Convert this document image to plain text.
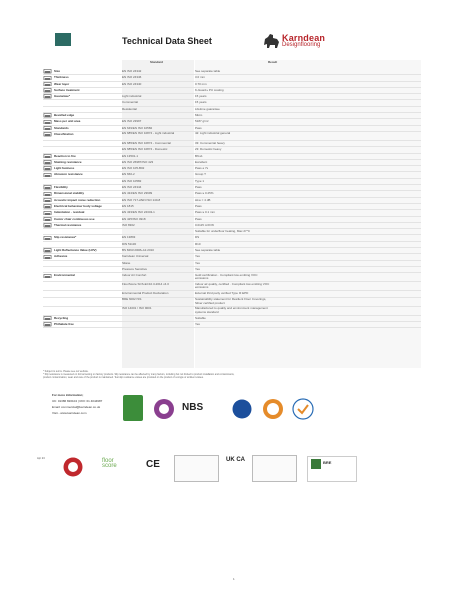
Technical Data Sheet	Karndean
Designflooring
Standard	Result
Size	EN ISO 24342	See separate table
Thickness	EN ISO 24346	3.0 mm
Wear layer	EN ISO 24340	0.70 mm
Surface treatment	K-Guard+ PU coating
Guarantee*	Light industrial	15 years
Commercial	15 years
Residential	Lifetime guarantee
Bevelled edge	Micro
Mass per unit area	EN ISO 23997	5187 g/m²
Standards	EN 649/EN ISO 10582	Pass
Classification	EN 685/EN ISO 10874 - Light industrial	42: Light industrial general
EN 685/EN ISO 10874 - Commercial	33: Commercial heavy
EN 685/EN ISO 10874 - Domestic	23: Domestic heavy
Reaction to fire	EN 13501-1	Bfl-s1
Staining resistance	EN ISO 26987/ISO 423	Excellent
Light fastness	EN ISO 105-B02	Pass ≥ 7s
Abrasion resistance	EN 660-2	Group T
EN ISO 10582	Type 1
Flexibility	EN ISO 24344	Pass
Dimensional stability	EN 434/EN ISO 23999	Pass ≤ 0.25%
Acoustic impact noise reduction	EN ISO 717-2/EN ISO 140-8	ΔLw = 4 dB
Electrical behaviour body voltage	EN 1815	Pass
Indentation - residual	EN 433/EN ISO 24343-1	Pass ≤ 0.1 mm
Castor chair continuous use	EN 425/ISO 4918	Pass
Thermal resistance	ISO 8302	0.0115 m²K/W
Suitable for underfloor heating, Max 27°C
Slip resistance*	EN 13893	DS
DIN 51130	R10
Light Reflectance Value (LRV)	BS 8493:2008+A1:2010	See separate table
Adhesive	Karndean Universal	Yes
Silane	Yes
Pressure Sensitive	Yes
Environmental	Indoor Air Comfort	Gold certification · Compliant low emitting VOC emissions
FloorScore SCS-EC10.3-2014 v4.0	Indoor air quality, certified · Compliant low emitting VOC emissions
Environmental Product Declaration	External third party verified Type III EPD
BRE 6002 ISS	Sustainability statement for Resilient Floor Coverings, Silver certified product
ISO 14001 / ISO 9001	Manufactured to quality and environment management systems standard
Recycling	Suitable
Phthalate free	Yes
* Subject to terms. Please see our website.
* Slip resistance is measured on formal testing on factory products. Slip resistance can be affected by many factors, including but not limited to product installation and contaminants,
product contamination, wear and care of the product is maintained. Test slip resistance values are provided on the product of a single or ambient values.
For more information;
UK: 01386 820104 | ROI: 01 4044987
Email: commercial@karndean.co.uk
Visit - www.karndean.com	NBS
Apr 23	floor score	CE	UK CA	BRE
1
